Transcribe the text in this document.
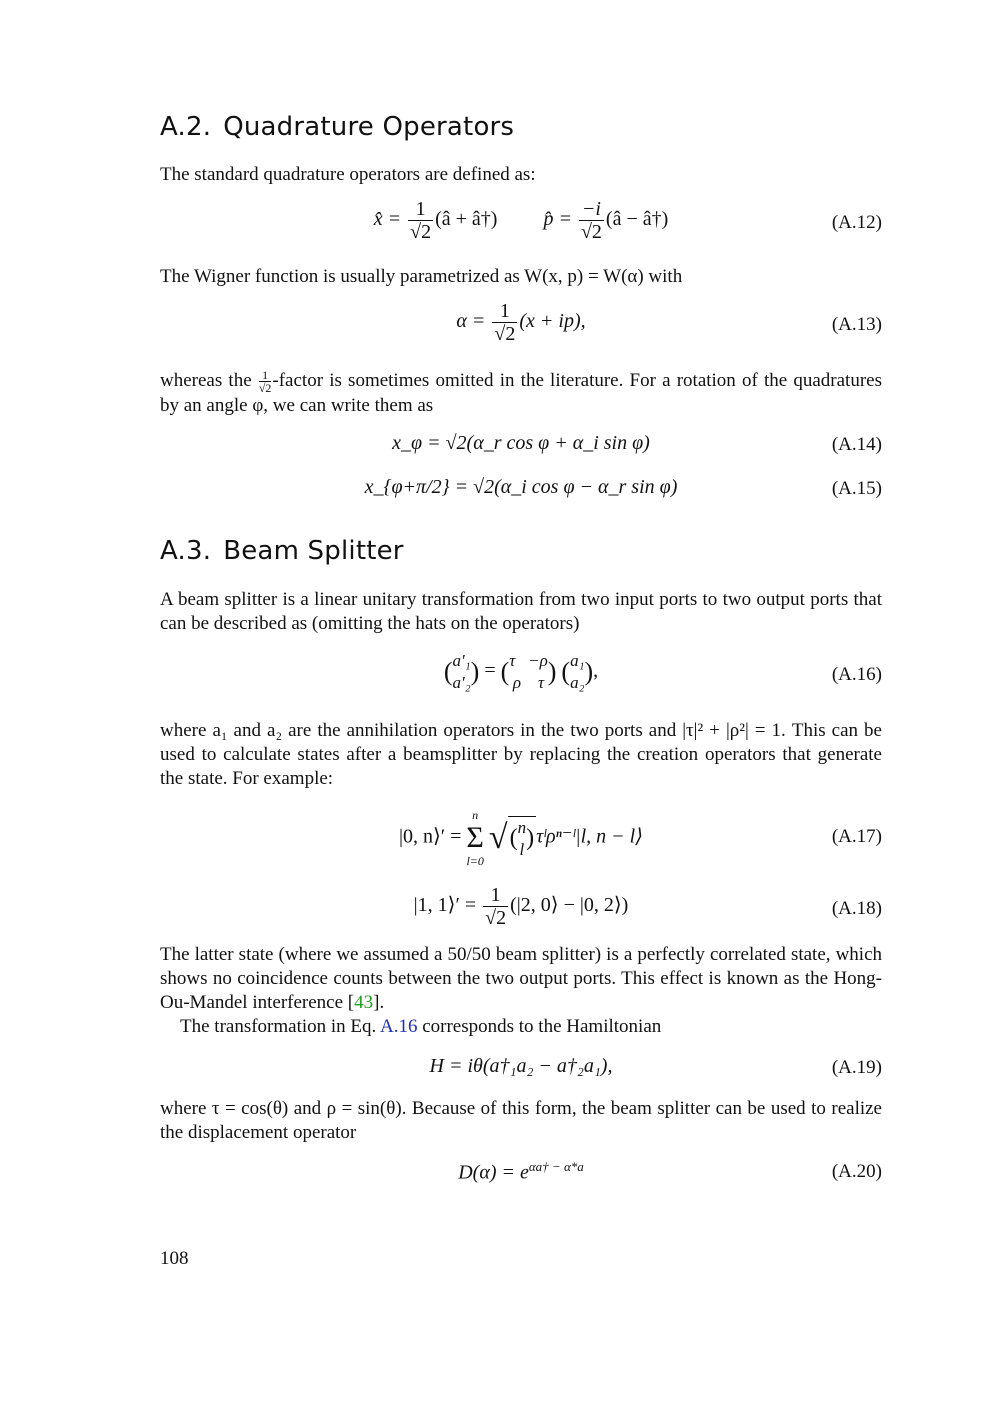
A.2. Quadrature Operators

The standard quadrature operators are defined as:

x̂ = $\frac{1}{√2}$ (â + â†) p̂ = $\frac{-i}{√2}$ (â − â†)	(A.12)

The Wigner function is usually parametrized as W(x, p) = W(α) with

$\alpha = \frac{1}{√2} (x + ip)$,	(A.13)

whereas the $\frac{1}{√2}$ -factor is sometimes omitted in the literature. For a rotation of the quadratures by an angle φ, we can write them as

x_φ = √2(α_r cos φ + α_i sin φ)	(A.14)
x_{φ+π/2} = √2(α_i cos φ − α_r sin φ)	(A.15)
A.3. Beam Splitter

A beam splitter is a linear unitary transformation from two input ports to two output ports that can be described as (omitting the hats on the operators)

( a′₁
a′₂ ) = ( τ   −ρ
ρ    τ ) ( a₁
a₂ ),	(A.16)

where a₁ and a₂ are the annihilation operators in the two ports and |τ|² + |ρ²| = 1. This can be used to calculate states after a beamsplitter by replacing the creation operators that generate the state. For example:

|0, n⟩′ =
n
Σ
l=0
√( n
l ) τˡρⁿ⁻ˡ|l, n − l⟩	(A.17)
|1, 1⟩′ = $\frac{1}{√2} (|2$, 0⟩ − |0, 2⟩)	(A.18)

The latter state (where we assumed a 50/50 beam splitter) is a perfectly correlated state, which shows no coincidence counts between the two output ports. This effect is known as the Hong-Ou-Mandel interference [43].

The transformation in Eq. A.16 corresponds to the Hamiltonian

H = iθ(a†₁a₂ − a†₂a₁),	(A.19)

where τ = cos(θ) and ρ = sin(θ). Because of this form, the beam splitter can be used to realize the displacement operator

$D(\alpha) = e^{\alpha a\dagger - \alpha*a}$	(A.20)
108
